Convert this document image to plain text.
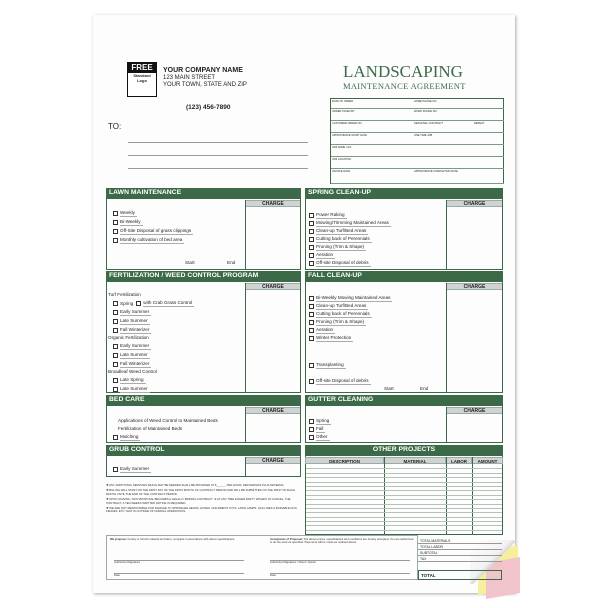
FREE
Standard Logo
YOUR COMPANY NAME
123 MAIN STREET
YOUR TOWN, STATE AND ZIP
(123) 456-7890
TO:
LANDSCAPING
MAINTENANCE AGREEMENT
DATE OF ORDER	HOME PHONE NO.
ORDER TAKEN BY	WORK PHONE NO.
CUSTOMER ORDER NO.	SEASONAL CONTRACT	REPEAT
APPROXIMATE START DATE	ONE TIME JOB
JOB NAME / NO.
JOB LOCATION
INVOICE DATE	APPROXIMATE COMPLETION DATE
LAWN MAINTENANCE
CHARGE
Weekly
Bi-Weekly
Off-Site Disposal of grass clippings
Monthly cultivation of bed area
Start	End
SPRING CLEAN-UP
CHARGE
Power Raking
Mowing/Trimming Maintained Areas
Clean-up Turf/Bed Areas
Cutting back of Perennials
Pruning (Trim & Shape)
Aeration
Off-site Disposal of debris
FERTILIZATION / WEED CONTROL PROGRAM
CHARGE
Turf Fertilization
Spring with Crab Grass Control
Early Summer
Late Summer
Fall Winterizer
Organic Fertilization
Early Summer
Late Summer
Fall Winterizer
Broadleaf Weed Control
Late Spring
Late Summer
FALL CLEAN-UP
CHARGE
Bi-Weekly Mowing Maintained Areas
Clean-up Turf/Bed Areas
Cutting back of Perennials
Pruning (Trim & Shape)
Aeration
Winter Protection
Transplanting
Off-site Disposal of debris
Start	End
BED CARE
CHARGE
Applications of Weed Control to Maintained Beds
Fertilization of Maintained Beds
Mulching
GUTTER CLEANING
CHARGE
Spring
Fall
Other
GRUB CONTROL
CHARGE
Early Summer
OTHER PROJECTS
DESCRIPTION	MATERIAL	LABOR	AMOUNT

❖ ANY ADDITIONAL SERVICES WHICH MAY BE NEEDED SHALL BE PROVIDED AT $______ PER HOUR, PER PERSON PLUS MATERIAL.

❖ BILLING WILL START ON THE FIRST DAY OF THE FIRST MONTH OF CONTRACT PERIOD AND WILL BE SUBMITTED ON THE FIRST OF EACH MONTH UNTIL THE END OF THE CONTRACT PERIOD.

❖ UPON SIGNING, THIS PROPOSAL BECOMES A LEGALLY BINDING CONTRACT. IF AT ANY TIME EITHER PARTY WISHES TO CANCEL, THE CONTRACT, A TEN WEEKS WRITTEN NOTICE IS REQUIRED.

❖ WE ARE NOT RESPONSIBLE FOR DAMAGE TO SPRINKLER HEADS, HOSES, CHILDREN'S TOYS, LAWN LAMPS, GAS LINES & BURIABLE DOG FENCES, ETC THAT IS OUTSIDE OF NORMAL OPERATIONS.

We propose: hereby to furnish material and labor, complete in accordance with above specifications.
Authorized Signature
Date
Acceptance of Proposal: The above prices, specifications and conditions are hereby accepted. You are authorized to do the work as specified. Payments will be made as outlined above.
Authorized Signature / Client / Owner
Date
TOTAL MATERIALS
TOTAL LABOR
SUBTOTAL
TAX
TOTAL
